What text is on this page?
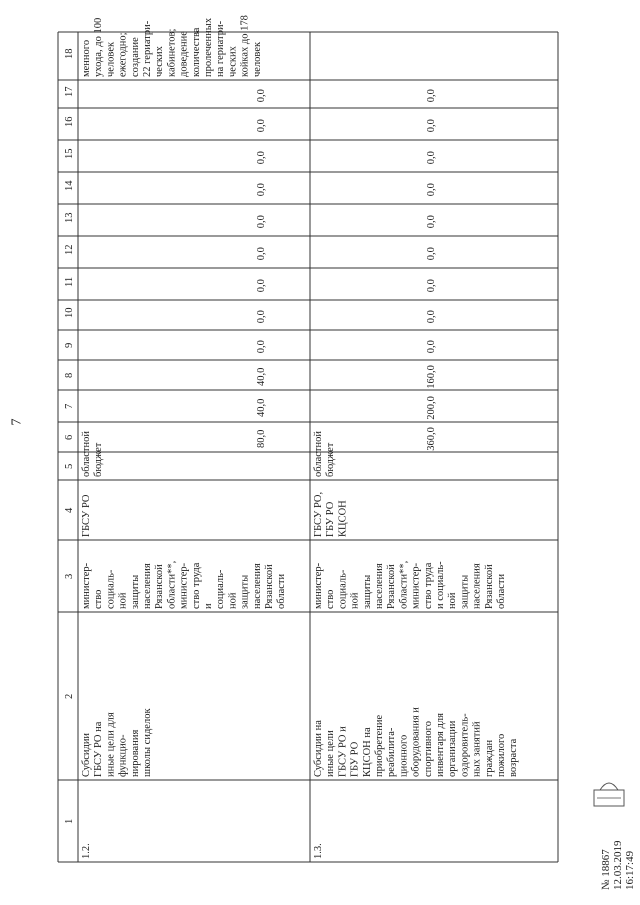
7
1
2
3
4
5
6
7
8
9
10
11
12
13
14
15
16
17
18
1.2.
СубсидииГБСУ РО наиные цели дляфункцио-нированияшколы сиделок
министер-ствосоциаль-нойзащитынаселенияРязанскойобласти**,министер-ство трудаисоциаль-нойзащитынаселенияРязанскойобласти
ГБСУ РО
областнойбюджет
80,0
40,0
40,0
0,0
0,0
0,0
0,0
0,0
0,0
0,0
0,0
0,0
менногоухода, до 100человекежегодно;создание22 гериатри-ческихкабинетов;доведениеколичествапролеченныхна гериатри-ческихкойках до 178человек
1.3.
Субсидии наиные целиГБСУ РО иГБУ РОКЦСОН наприобретениереабилита-ционногооборудования испортивногоинвентаря дляорганизацииоздоровитель-ных занятийгражданпожилоговозраста
министер-ствосоциаль-нойзащитынаселенияРязанскойобласти**,министер-ство трудаи социаль-нойзащитынаселенияРязанскойобласти
ГБСУ РО,ГБУ РОКЦСОН
областнойбюджет
360,0
200,0
160,0
0,0
0,0
0,0
0,0
0,0
0,0
0,0
0,0
0,0
№ 18867 12.03.2019 16:17:49
